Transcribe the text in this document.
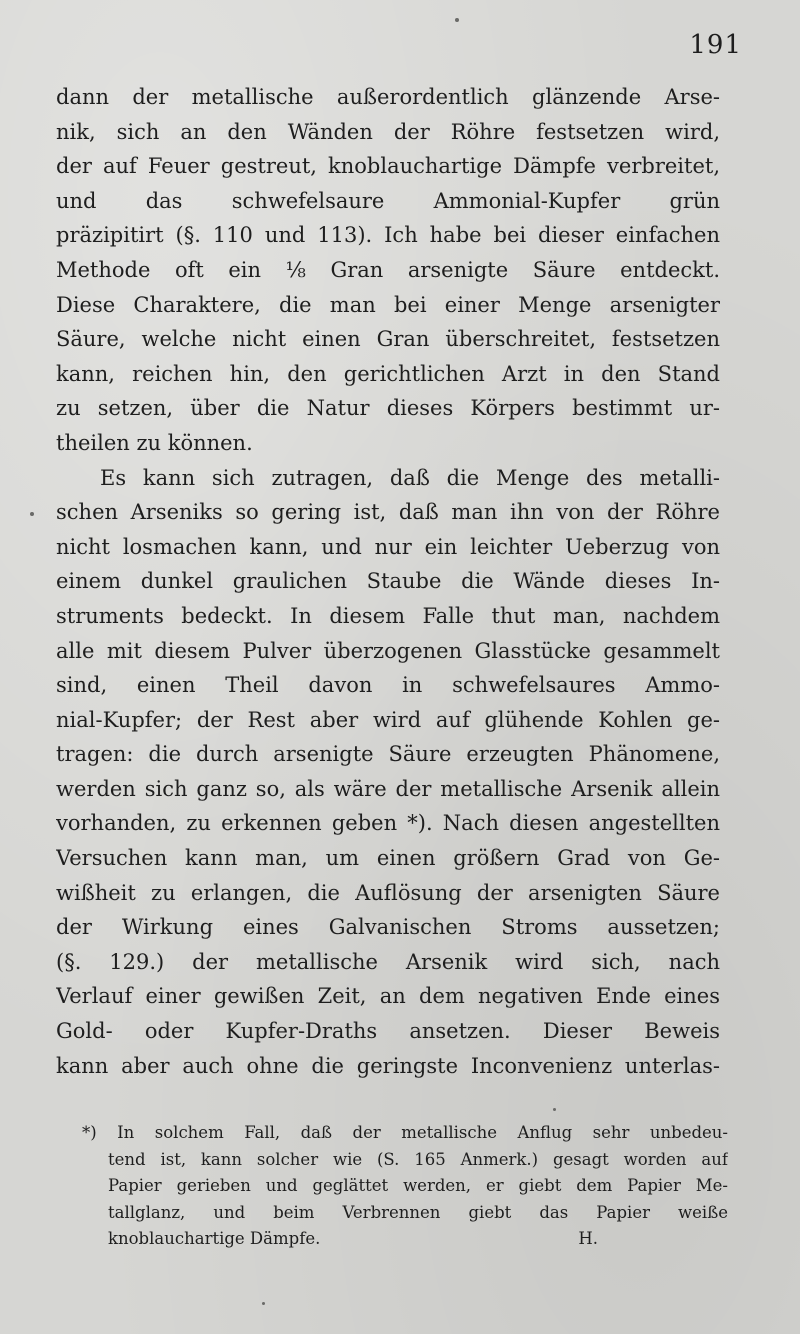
191
dann der metallische außerordentlich glänzende Arse-
nik, sich an den Wänden der Röhre festsetzen wird,
der auf Feuer gestreut, knoblauchartige Dämpfe verbreitet,
und das schwefelsaure Ammonial-Kupfer grün
präzipitirt (§. 110 und 113). Ich habe bei dieser einfachen
Methode oft ein ⅛ Gran arsenigte Säure entdeckt.
Diese Charaktere, die man bei einer Menge arsenigter
Säure, welche nicht einen Gran überschreitet, festsetzen
kann, reichen hin, den gerichtlichen Arzt in den Stand
zu setzen, über die Natur dieses Körpers bestimmt ur-
theilen zu können.
Es kann sich zutragen, daß die Menge des metalli-
schen Arseniks so gering ist, daß man ihn von der Röhre
nicht losmachen kann, und nur ein leichter Ueberzug von
einem dunkel graulichen Staube die Wände dieses In-
struments bedeckt. In diesem Falle thut man, nachdem
alle mit diesem Pulver überzogenen Glasstücke gesammelt
sind, einen Theil davon in schwefelsaures Ammo-
nial-Kupfer; der Rest aber wird auf glühende Kohlen ge-
tragen: die durch arsenigte Säure erzeugten Phänomene,
werden sich ganz so, als wäre der metallische Arsenik allein
vorhanden, zu erkennen geben *). Nach diesen angestellten
Versuchen kann man, um einen größern Grad von Ge-
wißheit zu erlangen, die Auflösung der arsenigten Säure
der Wirkung eines Galvanischen Stroms aussetzen;
(§. 129.) der metallische Arsenik wird sich, nach
Verlauf einer gewißen Zeit, an dem negativen Ende eines
Gold- oder Kupfer-Draths ansetzen. Dieser Beweis
kann aber auch ohne die geringste Inconvenienz unterlas-
*) In solchem Fall, daß der metallische Anflug sehr unbedeu-
tend ist, kann solcher wie (S. 165 Anmerk.) gesagt worden auf
Papier gerieben und geglättet werden, er giebt dem Papier Me-
tallglanz, und beim Verbrennen giebt das Papier weiße
knoblauchartige Dämpfe.	H.
